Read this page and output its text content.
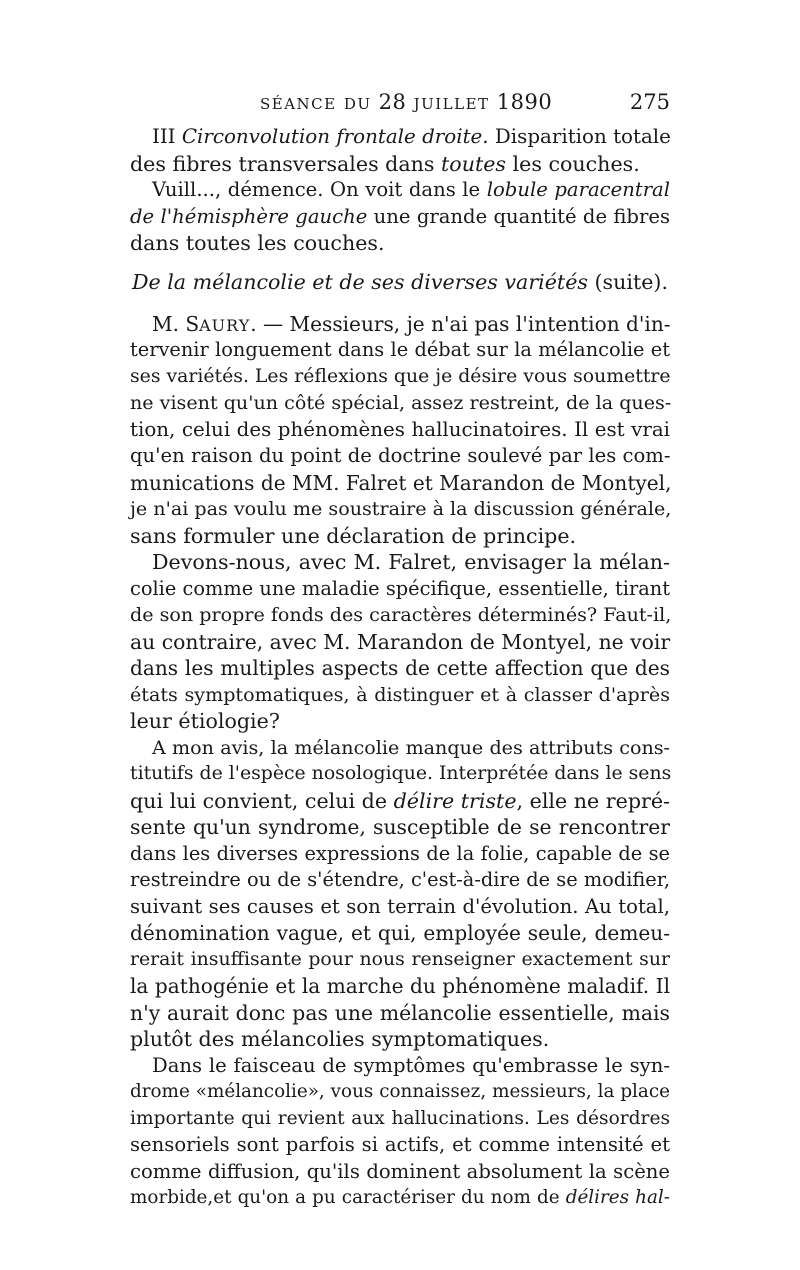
SÉANCE DU 28 JUILLET 1890	275
III Circonvolution frontale droite. Disparition totale
des fibres transversales dans toutes les couches.
Vuill..., démence. On voit dans le lobule paracentral
de l'hémisphère gauche une grande quantité de fibres
dans toutes les couches.
De la mélancolie et de ses diverses variétés (suite).
M. SAURY. — Messieurs, je n'ai pas l'intention d'in-
tervenir longuement dans le débat sur la mélancolie et
ses variétés. Les réflexions que je désire vous soumettre
ne visent qu'un côté spécial, assez restreint, de la ques-
tion, celui des phénomènes hallucinatoires. Il est vrai
qu'en raison du point de doctrine soulevé par les com-
munications de MM. Falret et Marandon de Montyel,
je n'ai pas voulu me soustraire à la discussion générale,
sans formuler une déclaration de principe.
Devons-nous, avec M. Falret, envisager la mélan-
colie comme une maladie spécifique, essentielle, tirant
de son propre fonds des caractères déterminés? Faut-il,
au contraire, avec M. Marandon de Montyel, ne voir
dans les multiples aspects de cette affection que des
états symptomatiques, à distinguer et à classer d'après
leur étiologie?
A mon avis, la mélancolie manque des attributs cons-
titutifs de l'espèce nosologique. Interprétée dans le sens
qui lui convient, celui de délire triste, elle ne repré-
sente qu'un syndrome, susceptible de se rencontrer
dans les diverses expressions de la folie, capable de se
restreindre ou de s'étendre, c'est-à-dire de se modifier,
suivant ses causes et son terrain d'évolution. Au total,
dénomination vague, et qui, employée seule, demeu-
rerait insuffisante pour nous renseigner exactement sur
la pathogénie et la marche du phénomène maladif. Il
n'y aurait donc pas une mélancolie essentielle, mais
plutôt des mélancolies symptomatiques.
Dans le faisceau de symptômes qu'embrasse le syn-
drome «mélancolie», vous connaissez, messieurs, la place
importante qui revient aux hallucinations. Les désordres
sensoriels sont parfois si actifs, et comme intensité et
comme diffusion, qu'ils dominent absolument la scène
morbide,et qu'on a pu caractériser du nom de délires hal-
